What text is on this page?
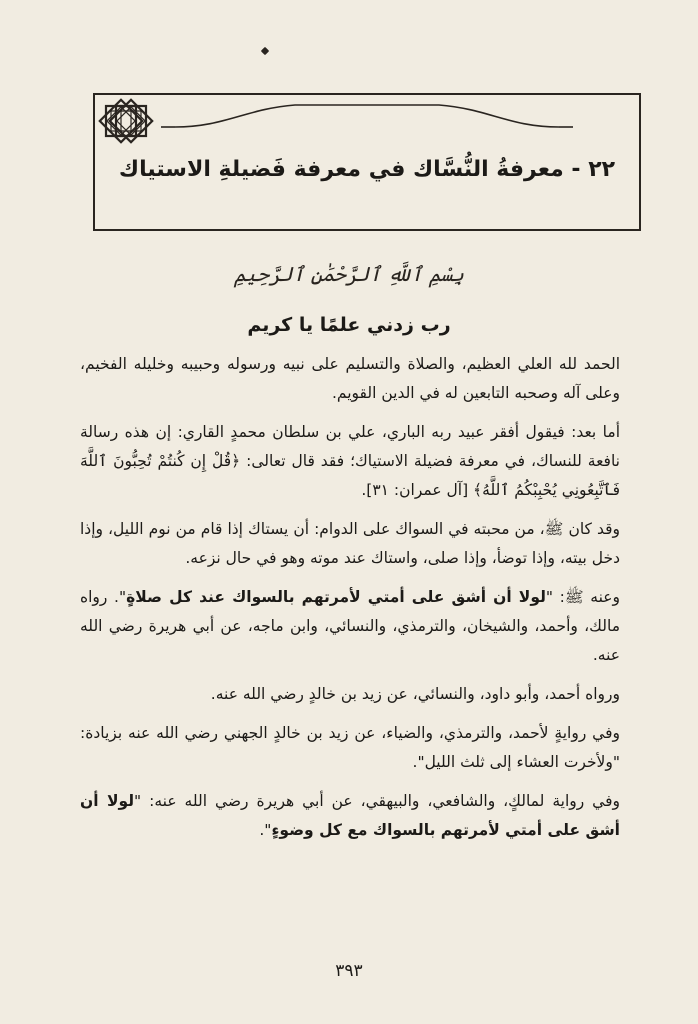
٢٢ - معرفةُ النُّسَّاك في معرفة فَضيلةِ الاستياك
بِسْمِ ٱللَّهِ ٱلرَّحْمَٰنِ ٱلرَّحِيمِ
رب زدني علمًا يا كريم

الحمد لله العلي العظيم، والصلاة والتسليم على نبيه ورسوله وحبيبه وخليله الفخيم، وعلى آله وصحبه التابعين له في الدين القويم.

أما بعد: فيقول أفقر عبيد ربه الباري، علي بن سلطان محمدٍ القاري: إن هذه رسالة نافعة للنساك، في معرفة فضيلة الاستياك؛ فقد قال تعالى: ﴿قُلْ إِن كُنتُمْ تُحِبُّونَ ٱللَّهَ فَٱتَّبِعُونِي يُحْبِبْكُمُ ٱللَّهُ﴾ [آل عمران: ٣١].

وقد كان ﷺ، من محبته في السواك على الدوام: أن يستاك إذا قام من نوم الليل، وإذا دخل بيته، وإذا توضأ، وإذا صلى، واستاك عند موته وهو في حال نزعه.

وعنه ﷺ: "لولا أن أشق على أمتي لأمرتهم بالسواك عند كل صلاةٍ". رواه مالك، وأحمد، والشيخان، والترمذي، والنسائي، وابن ماجه، عن أبي هريرة رضي الله عنه.

ورواه أحمد، وأبو داود، والنسائي، عن زيد بن خالدٍ رضي الله عنه.

وفي روايةٍ لأحمد، والترمذي، والضياء، عن زيد بن خالدٍ الجهني رضي الله عنه بزيادة: "ولأخرت العشاء إلى ثلث الليل".

وفي رواية لمالكٍ، والشافعي، والبيهقي، عن أبي هريرة رضي الله عنه: "لولا أن أشق على أمتي لأمرتهم بالسواك مع كل وضوءٍ".

٣٩٣
